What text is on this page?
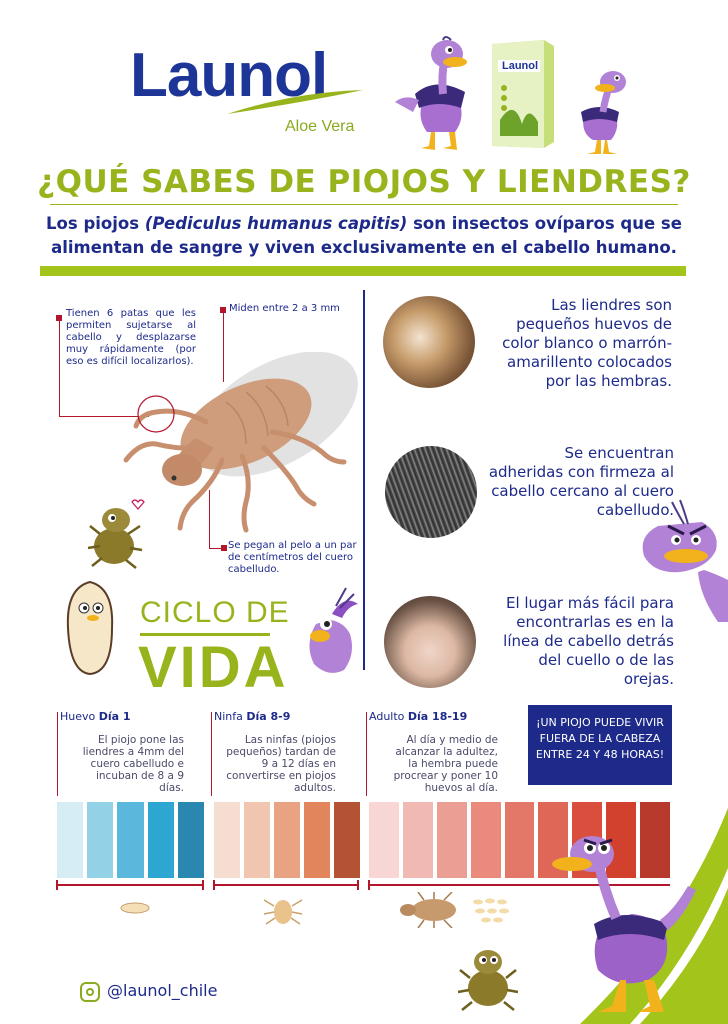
Launol
Aloe Vera
Launol
¿QUÉ SABES DE PIOJOS Y LIENDRES?

Los piojos (Pediculus humanus capitis) son insectos ovíparos que se alimentan de sangre y viven exclusivamente en el cabello humano.

Tienen 6 patas que les permiten sujetarse al cabello y desplazarse muy rápidamente (por eso es difícil localizarlos).
Miden entre 2 a 3 mm
Se pegan al pelo a un par de centímetros del cuero cabelludo.
Las liendres son pequeños huevos de color blanco o marrón-amarillento colocados por las hembras.
Se encuentran adheridas con firmeza al cabello cercano al cuero cabelludo.
El lugar más fácil para encontrarlas es en la línea de cabello detrás del cuello o de las orejas.
CICLO DE
VIDA
Huevo Día 1
El piojo pone las liendres a 4mm del cuero cabelludo e incuban de 8 a 9 días.
Ninfa Día 8-9
Las ninfas (piojos pequeños) tardan de 9 a 12 días en convertirse en piojos adultos.
Adulto Día 18-19
Al día y medio de alcanzar la adultez, la hembra puede procrear y poner 10 huevos al día.
¡UN PIOJO PUEDE VIVIR FUERA DE LA CABEZA ENTRE 24 Y 48 HORAS!
@launol_chile
